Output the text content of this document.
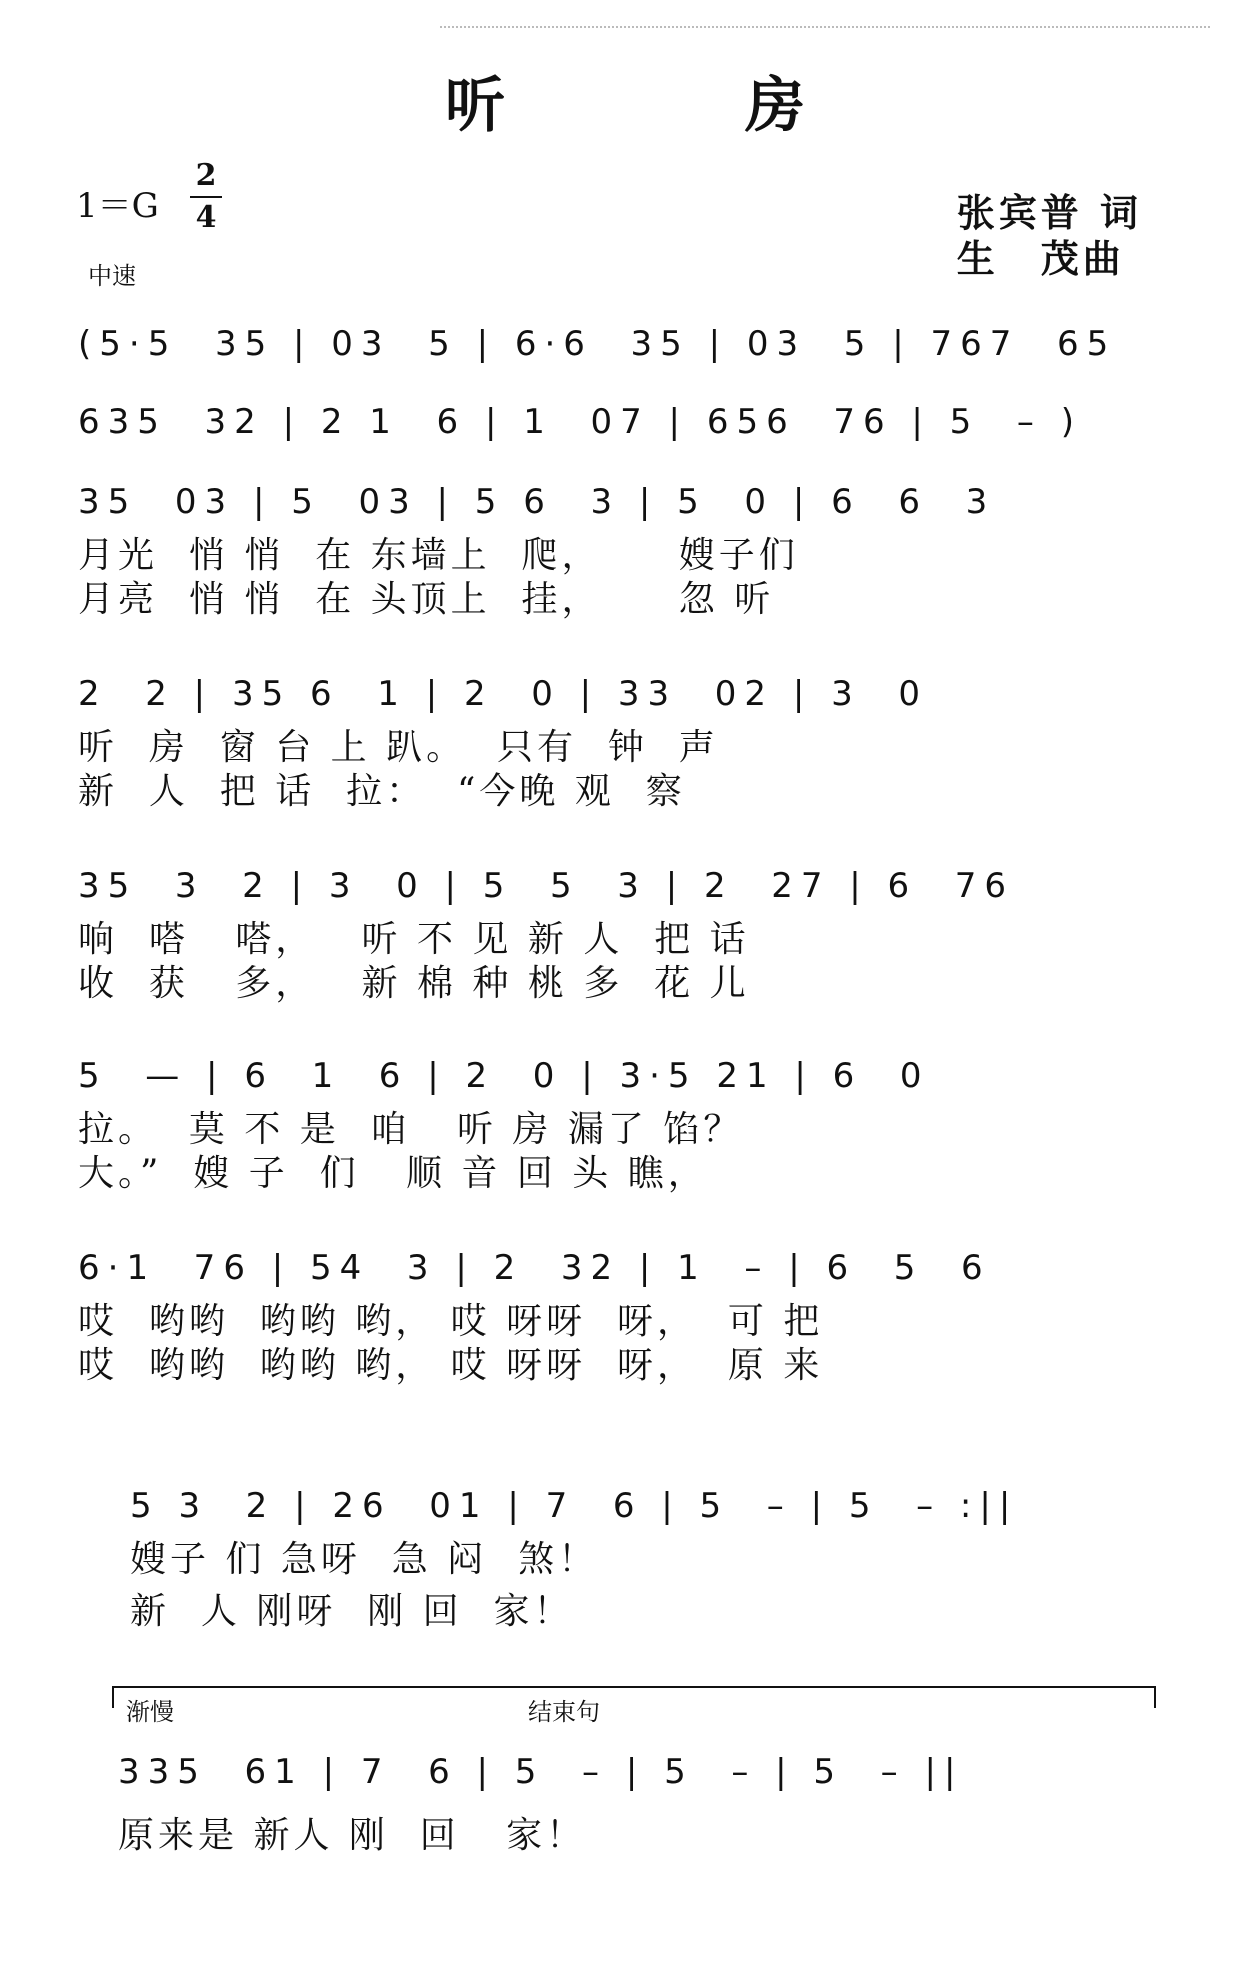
听　房
1＝G
2
4
中速
张宾普 词
生　茂曲
(5·5  35 | 03  5 | 6·6  35 | 03  5 | 767  65
635  32 | 2 1  6 | 1  07 | 656  76 | 5  – )
35  03 | 5  03 | 5 6  3 | 5  0 | 6  6  3
月光  悄 悄  在 东墙上  爬，     嫂子们
月亮  悄 悄  在 头顶上  挂，     忽 听
2  2 | 35 6  1 | 2  0 | 33  02 | 3  0
听  房  窗 台 上 趴。  只有  钟  声
新  人  把 话  拉：  “今晚 观  察
35  3  2 | 3  0 | 5  5  3 | 2  27 | 6  76
响  嗒   嗒，   听 不 见 新 人  把 话
收  获   多，   新 棉 种 桃 多  花 儿
5  — | 6  1  6 | 2  0 | 3·5 21 | 6  0
拉。  莫 不 是  咱   听 房 漏了 馅？
大。”  嫂 子  们   顺 音 回 头 瞧，
6·1  76 | 54  3 | 2  32 | 1  – | 6  5  6
哎  哟哟  哟哟 哟， 哎 呀呀  呀，  可 把
哎  哟哟  哟哟 哟， 哎 呀呀  呀，  原 来
5 3  2 | 26  01 | 7  6 | 5  – | 5  – :||
嫂子 们 急呀  急 闷  煞！
新  人 刚呀  刚 回  家！
渐慢	结束句
335  61 | 7  6 | 5  – | 5  – | 5  – ||
原来是 新人 刚  回   家！
